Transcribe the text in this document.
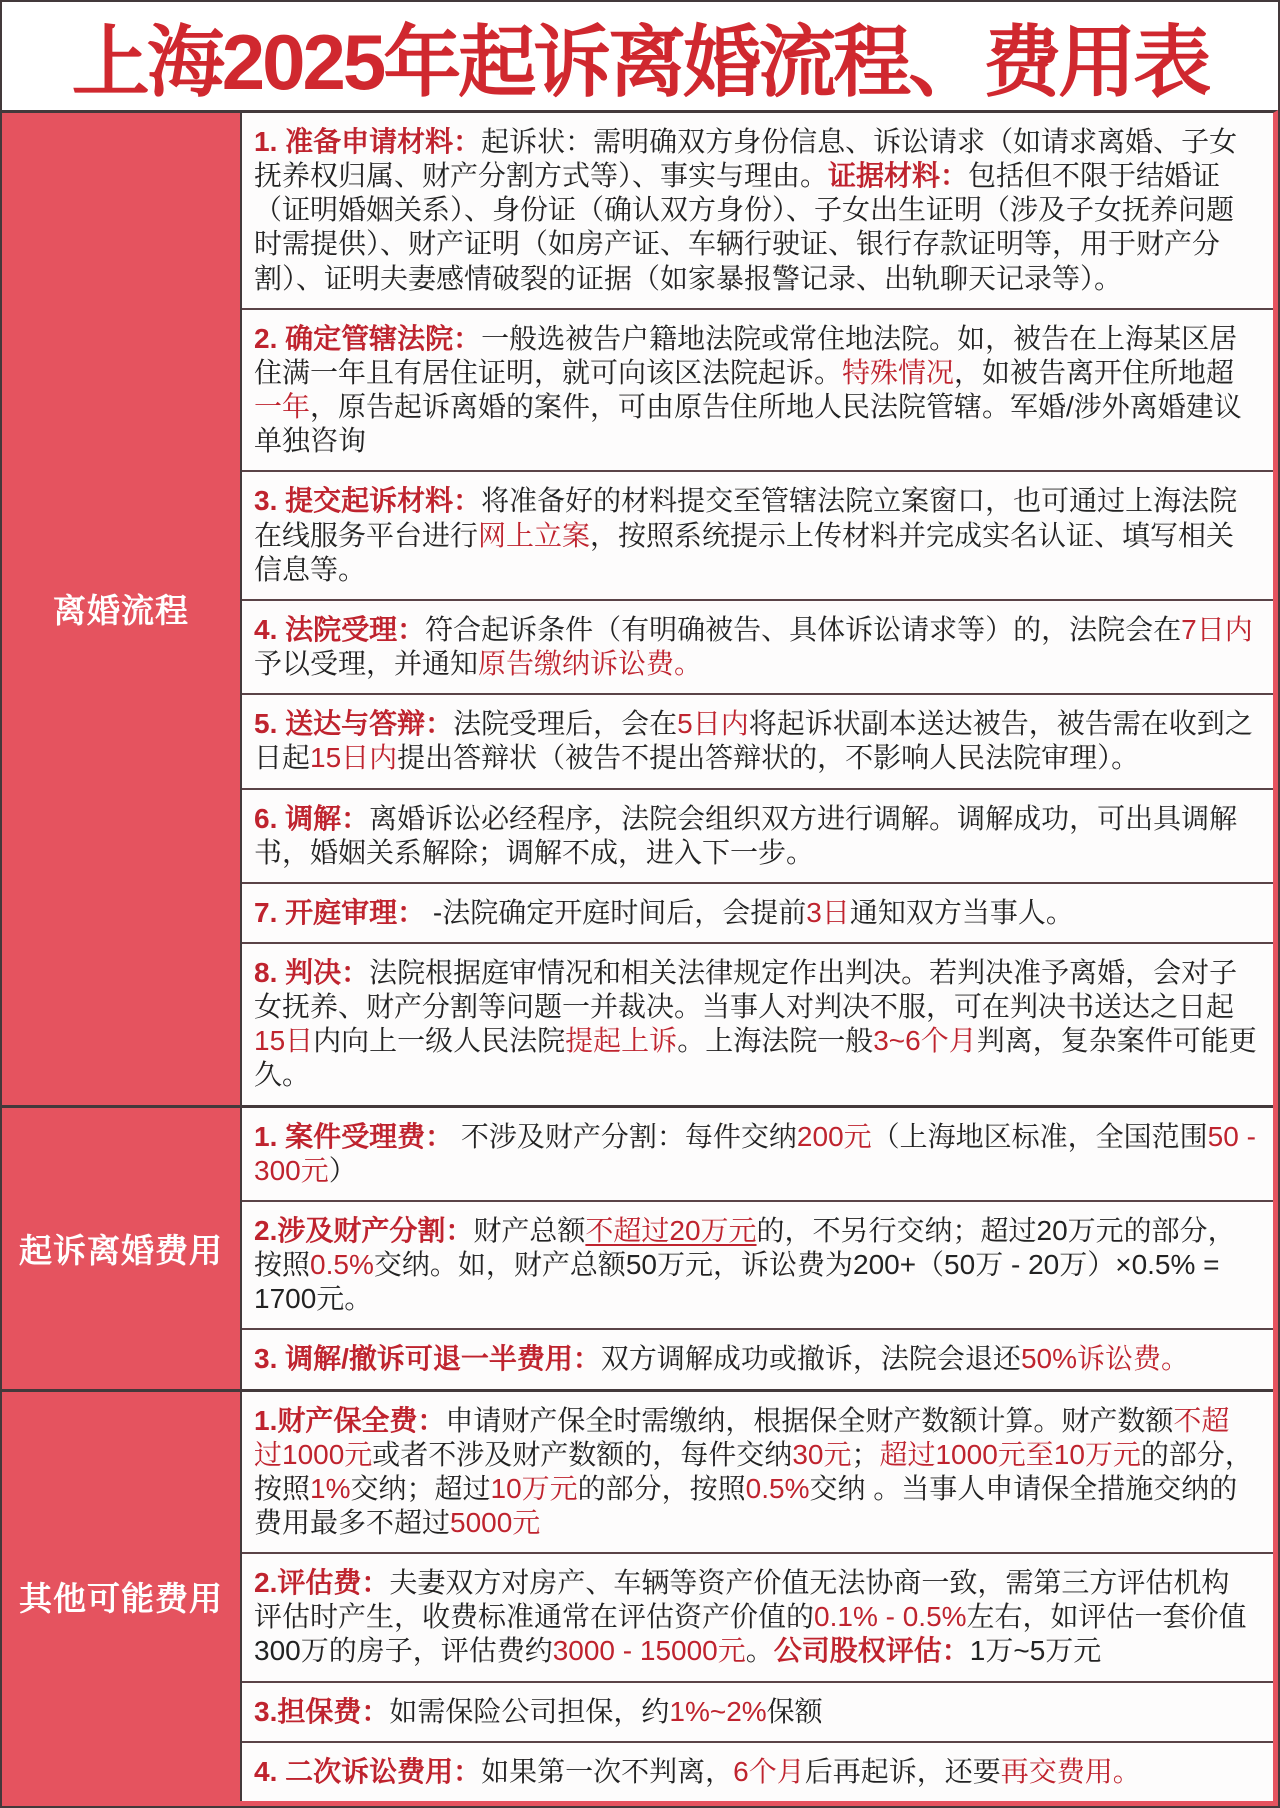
上海2025年起诉离婚流程、费用表
离婚流程

1. 准备申请材料：起诉状：需明确双方身份信息、诉讼请求（如请求离婚、子女抚养权归属、财产分割方式等）、事实与理由。证据材料：包括但不限于结婚证（证明婚姻关系）、身份证（确认双方身份）、子女出生证明（涉及子女抚养问题时需提供）、财产证明（如房产证、车辆行驶证、银行存款证明等，用于财产分割）、证明夫妻感情破裂的证据（如家暴报警记录、出轨聊天记录等）。

2. 确定管辖法院：一般选被告户籍地法院或常住地法院。如，被告在上海某区居住满一年且有居住证明，就可向该区法院起诉。特殊情况，如被告离开住所地超一年，原告起诉离婚的案件，可由原告住所地人民法院管辖。军婚/涉外离婚建议单独咨询

3. 提交起诉材料：将准备好的材料提交至管辖法院立案窗口，也可通过上海法院在线服务平台进行网上立案，按照系统提示上传材料并完成实名认证、填写相关信息等。

4. 法院受理：符合起诉条件（有明确被告、具体诉讼请求等）的，法院会在7日内予以受理，并通知原告缴纳诉讼费。

5. 送达与答辩：法院受理后，会在5日内将起诉状副本送达被告，被告需在收到之日起15日内提出答辩状（被告不提出答辩状的，不影响人民法院审理）。

6. 调解：离婚诉讼必经程序，法院会组织双方进行调解。调解成功，可出具调解书，婚姻关系解除；调解不成，进入下一步。

7. 开庭审理： -法院确定开庭时间后，会提前3日通知双方当事人。

8. 判决：法院根据庭审情况和相关法律规定作出判决。若判决准予离婚，会对子女抚养、财产分割等问题一并裁决。当事人对判决不服，可在判决书送达之日起15日内向上一级人民法院提起上诉。上海法院一般3~6个月判离，复杂案件可能更久。

起诉离婚费用

1. 案件受理费： 不涉及财产分割：每件交纳200元（上海地区标准，全国范围50 - 300元）

2.涉及财产分割：财产总额不超过20万元的，不另行交纳；超过20万元的部分，按照0.5%交纳。如，财产总额50万元，诉讼费为200+（50万 - 20万）×0.5% = 1700元。

3. 调解/撤诉可退一半费用：双方调解成功或撤诉，法院会退还50%诉讼费。

其他可能费用

1.财产保全费：申请财产保全时需缴纳，根据保全财产数额计算。财产数额不超过1000元或者不涉及财产数额的，每件交纳30元；超过1000元至10万元的部分，按照1%交纳；超过10万元的部分，按照0.5%交纳 。当事人申请保全措施交纳的费用最多不超过5000元

2.评估费：夫妻双方对房产、车辆等资产价值无法协商一致，需第三方评估机构评估时产生，收费标准通常在评估资产价值的0.1% - 0.5%左右，如评估一套价值300万的房子，评估费约3000 - 15000元。公司股权评估：1万~5万元

3.担保费：如需保险公司担保，约1%~2%保额

4. 二次诉讼费用：如果第一次不判离，6个月后再起诉，还要再交费用。
